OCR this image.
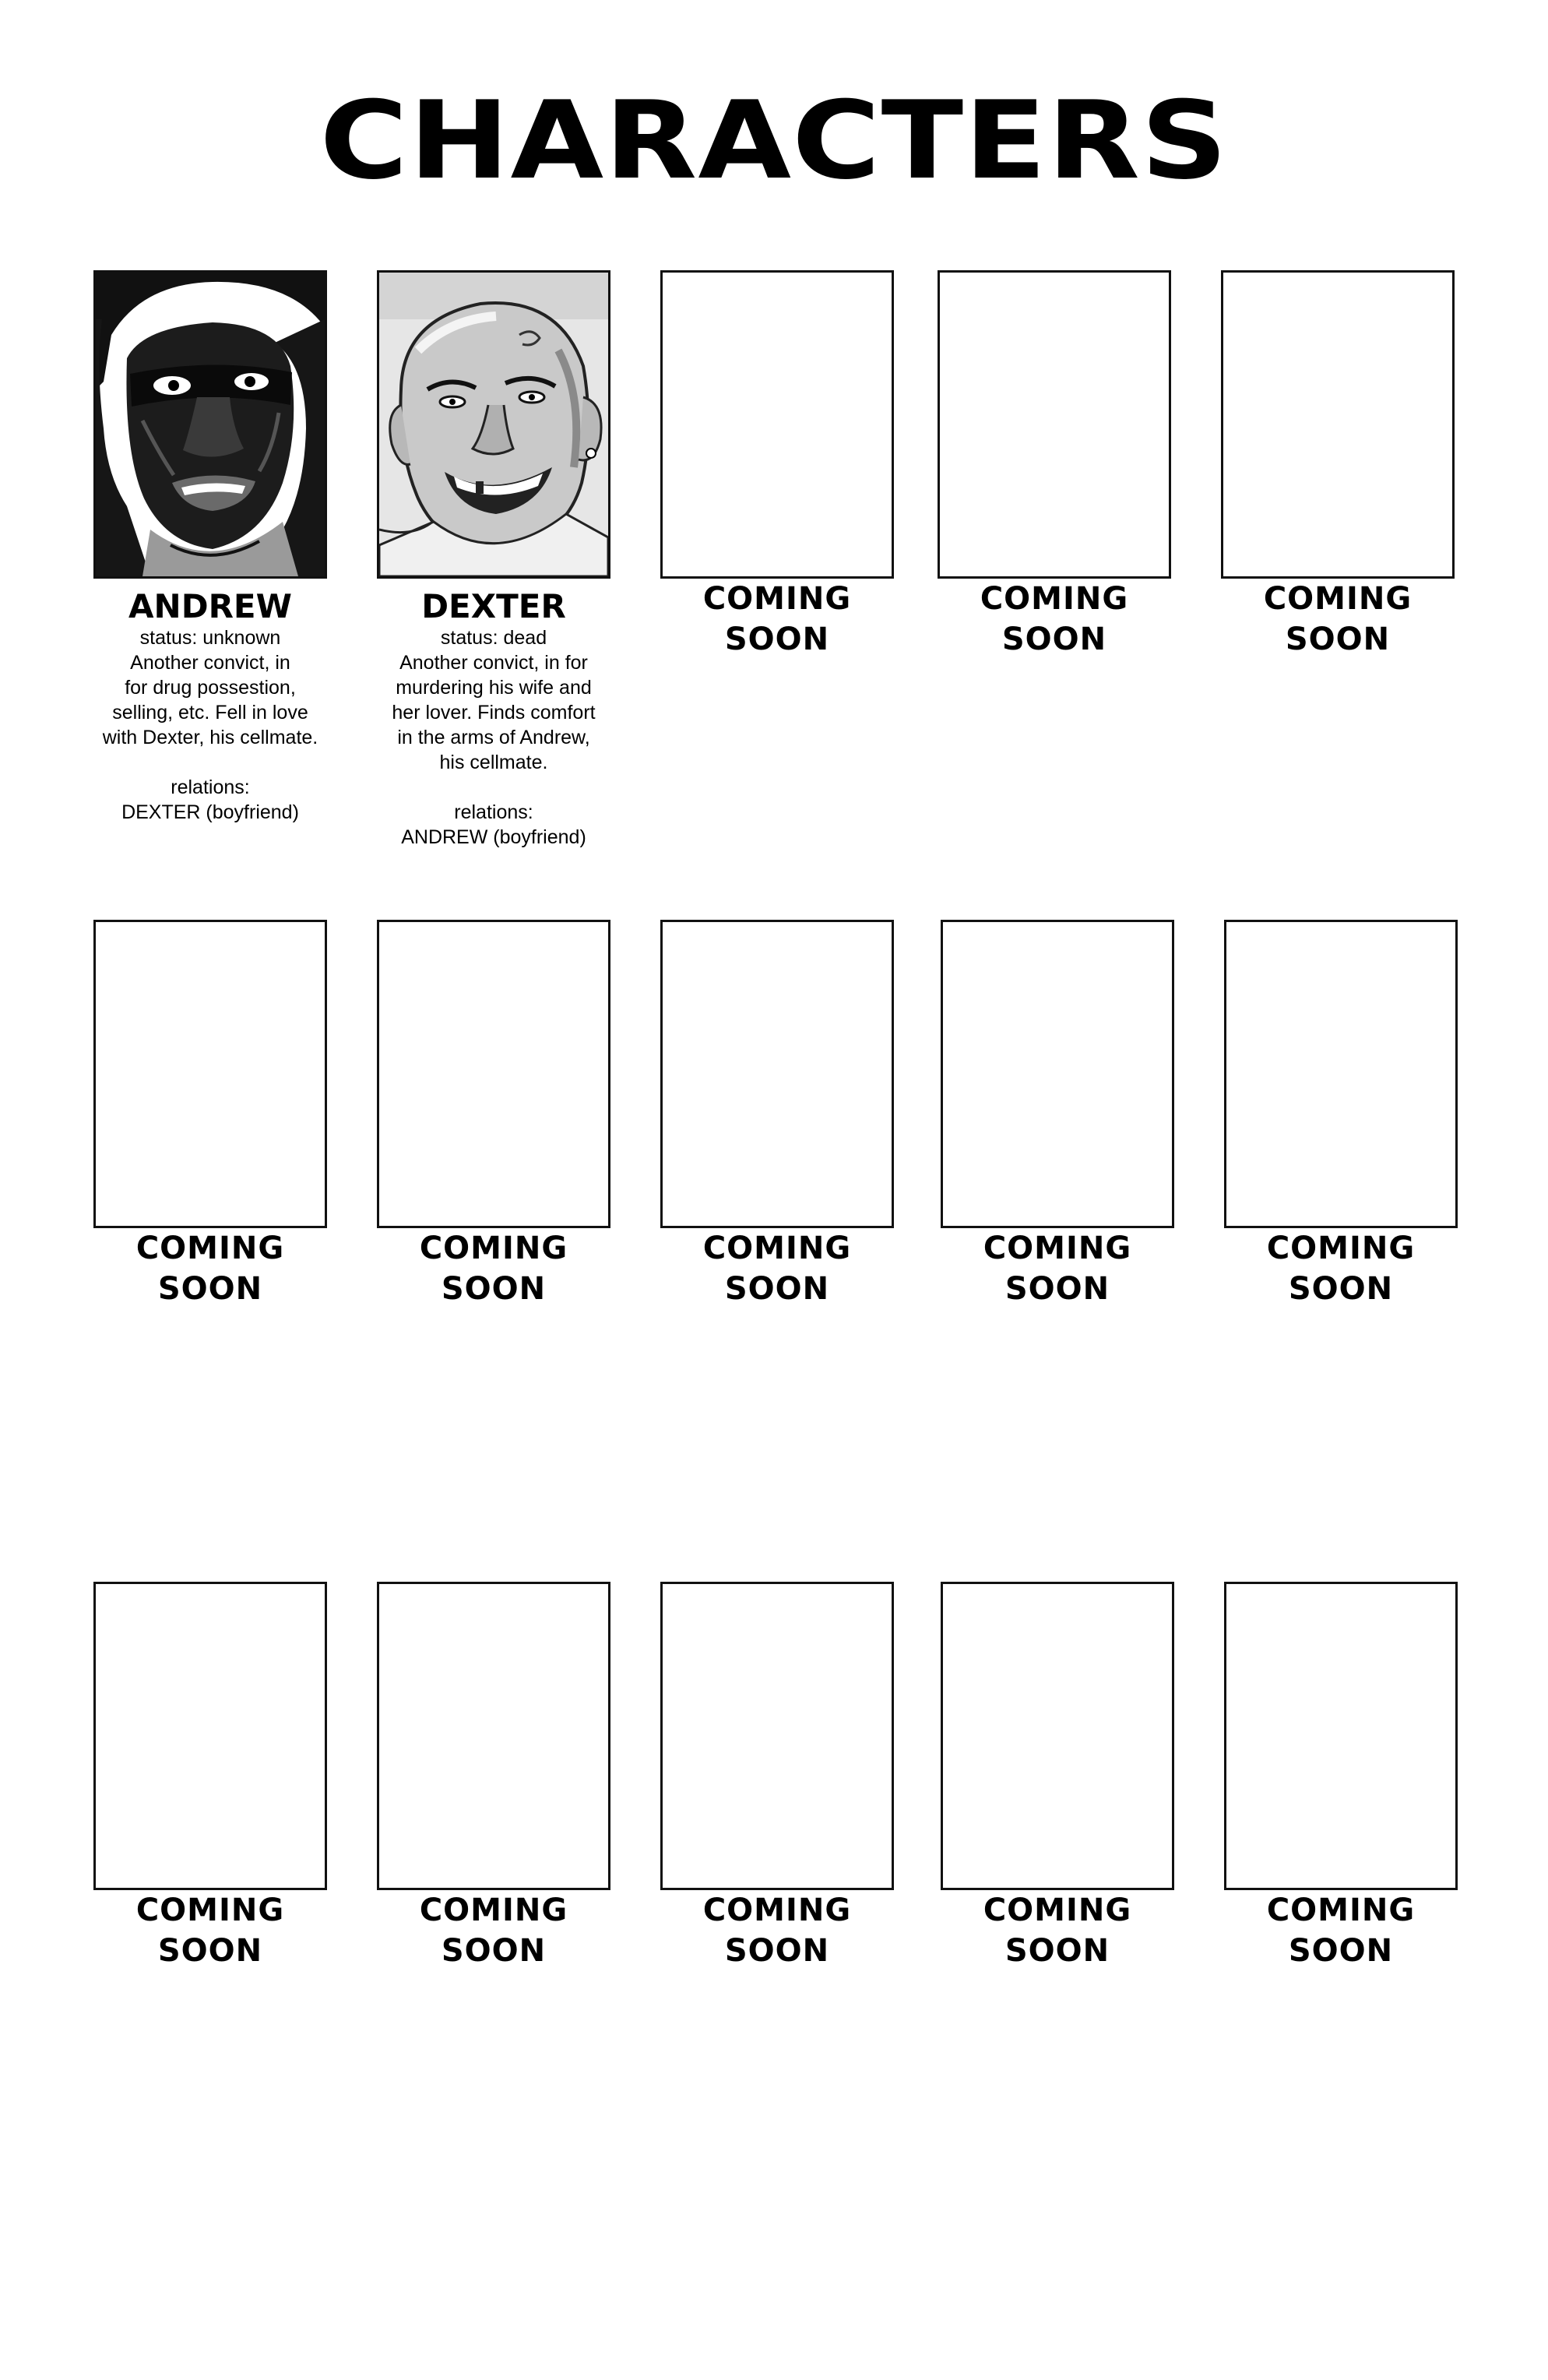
CHARACTERS
ANDREW
status: unknown
Another convict, in
for drug possestion,
selling, etc. Fell in love
with Dexter, his cellmate.
relations:
DEXTER (boyfriend)
DEXTER
status: dead
Another convict, in for
murdering his wife and
her lover. Finds comfort
in the arms of Andrew,
his cellmate.
relations:
ANDREW (boyfriend)
COMING
SOON
COMING
SOON
COMING
SOON
COMING
SOON
COMING
SOON
COMING
SOON
COMING
SOON
COMING
SOON
COMING
SOON
COMING
SOON
COMING
SOON
COMING
SOON
COMING
SOON
